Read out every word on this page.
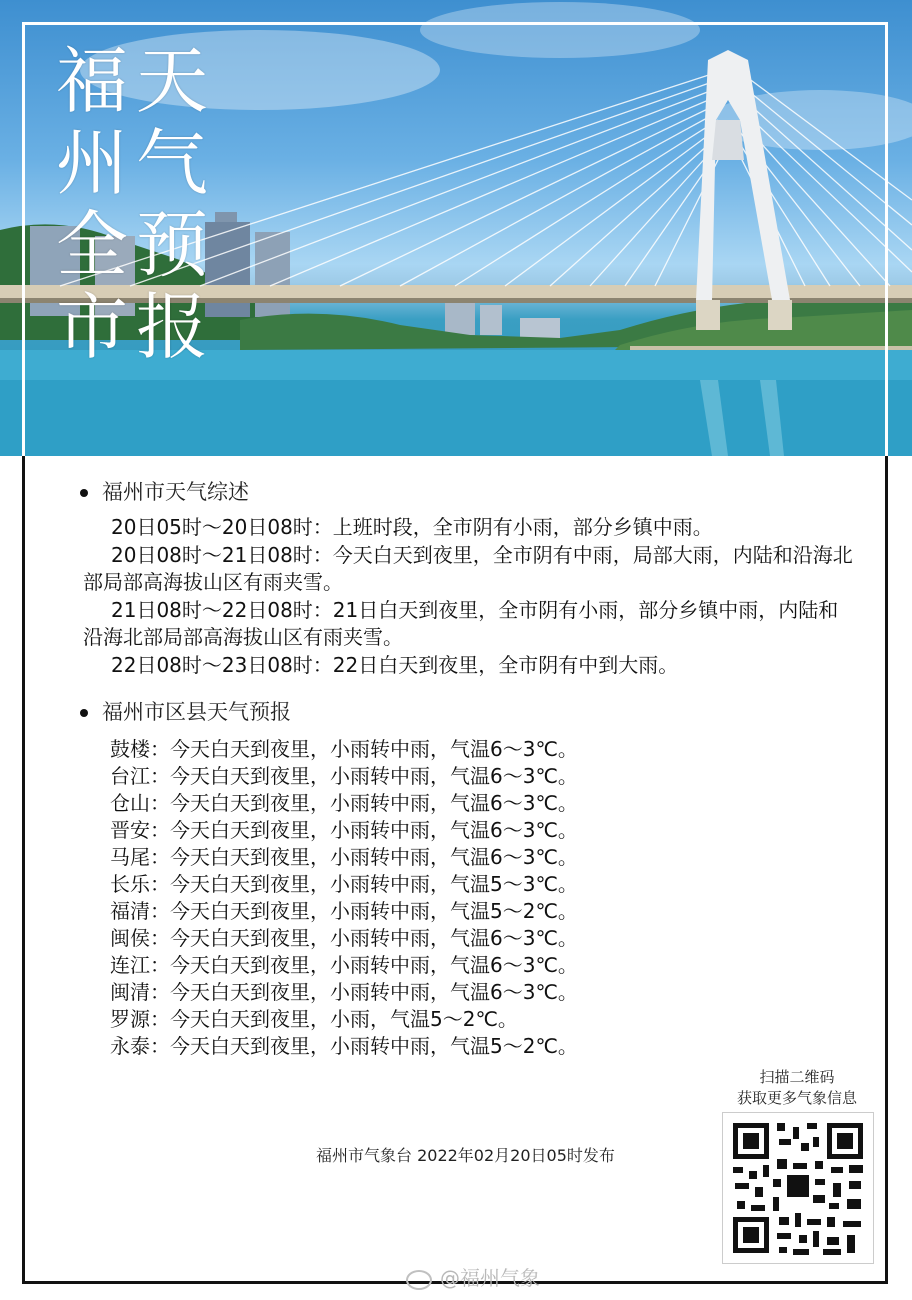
福
州
全
市
天
气
预
报
福州市天气综述

20日05时～20日08时：上班时段，全市阴有小雨，部分乡镇中雨。

20日08时～21日08时：今天白天到夜里，全市阴有中雨，局部大雨，内陆和沿海北部局部高海拔山区有雨夹雪。

21日08时～22日08时：21日白天到夜里，全市阴有小雨，部分乡镇中雨，内陆和沿海北部局部高海拔山区有雨夹雪。

22日08时～23日08时：22日白天到夜里，全市阴有中到大雨。

福州市区县天气预报
鼓楼：今天白天到夜里，小雨转中雨，气温6～3℃。
台江：今天白天到夜里，小雨转中雨，气温6～3℃。
仓山：今天白天到夜里，小雨转中雨，气温6～3℃。
晋安：今天白天到夜里，小雨转中雨，气温6～3℃。
马尾：今天白天到夜里，小雨转中雨，气温6～3℃。
长乐：今天白天到夜里，小雨转中雨，气温5～3℃。
福清：今天白天到夜里，小雨转中雨，气温5～2℃。
闽侯：今天白天到夜里，小雨转中雨，气温6～3℃。
连江：今天白天到夜里，小雨转中雨，气温6～3℃。
闽清：今天白天到夜里，小雨转中雨，气温6～3℃。
罗源：今天白天到夜里，小雨，气温5～2℃。
永泰：今天白天到夜里，小雨转中雨，气温5～2℃。
福州市气象台 2022年02月20日05时发布
扫描二维码
获取更多气象信息
@福州气象
